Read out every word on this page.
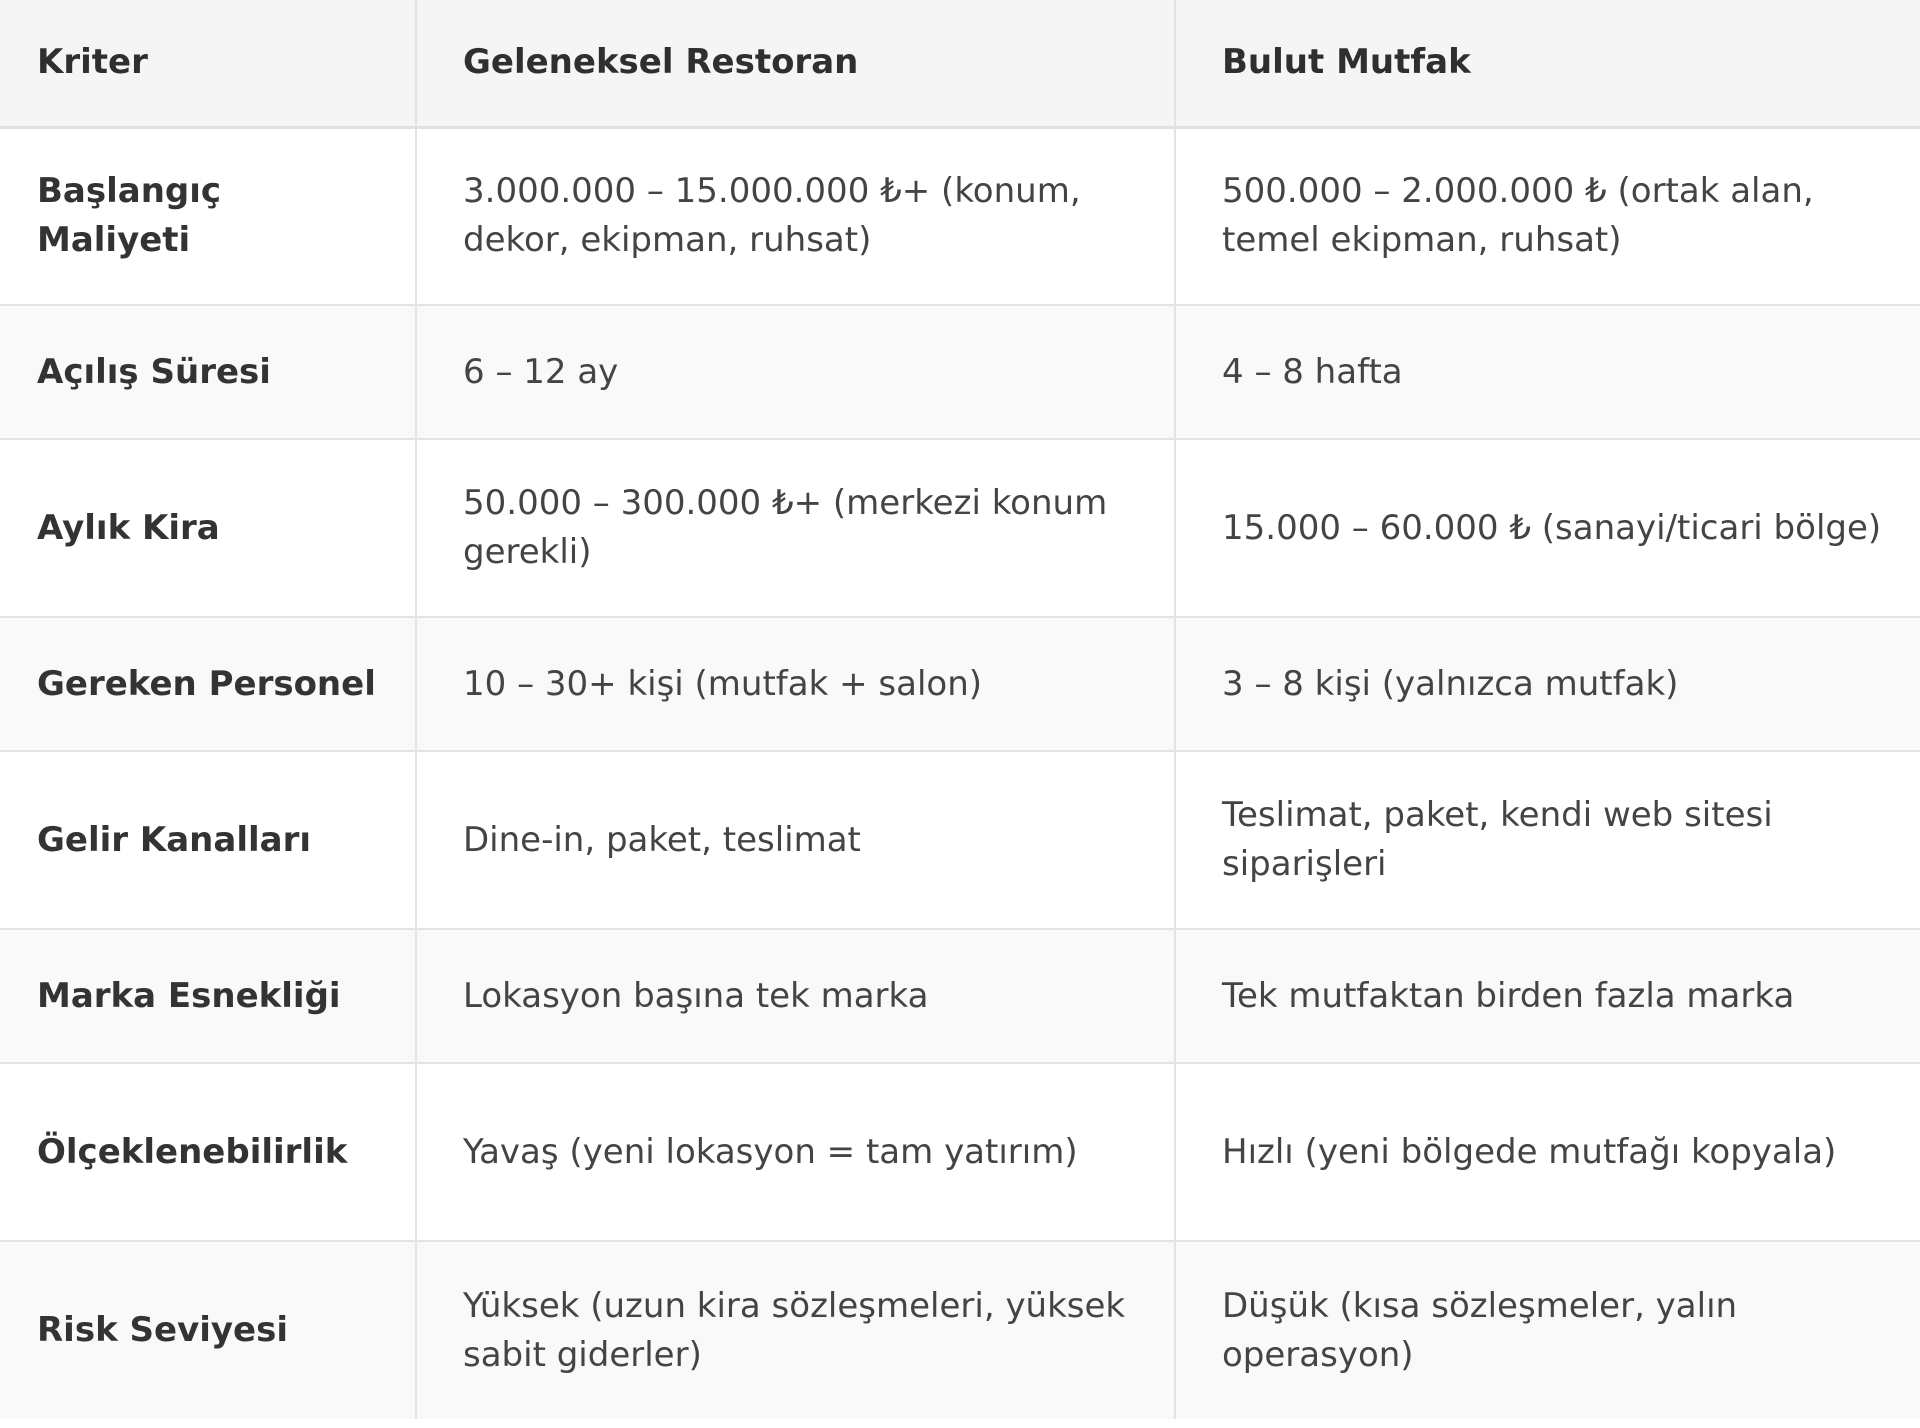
Kriter	Geleneksel Restoran	Bulut Mutfak
Başlangıç Maliyeti	3.000.000 – 15.000.000 ₺+ (konum, dekor, ekipman, ruhsat)	500.000 – 2.000.000 ₺ (ortak alan, temel ekipman, ruhsat)
Açılış Süresi	6 – 12 ay	4 – 8 hafta
Aylık Kira	50.000 – 300.000 ₺+ (merkezi konum gerekli)	15.000 – 60.000 ₺ (sanayi/ticari bölge)
Gereken Personel	10 – 30+ kişi (mutfak + salon)	3 – 8 kişi (yalnızca mutfak)
Gelir Kanalları	Dine-in, paket, teslimat	Teslimat, paket, kendi web sitesi siparişleri
Marka Esnekliği	Lokasyon başına tek marka	Tek mutfaktan birden fazla marka
Ölçeklenebilirlik	Yavaş (yeni lokasyon = tam yatırım)	Hızlı (yeni bölgede mutfağı kopyala)
Risk Seviyesi	Yüksek (uzun kira sözleşmeleri, yüksek sabit giderler)	Düşük (kısa sözleşmeler, yalın operasyon)
